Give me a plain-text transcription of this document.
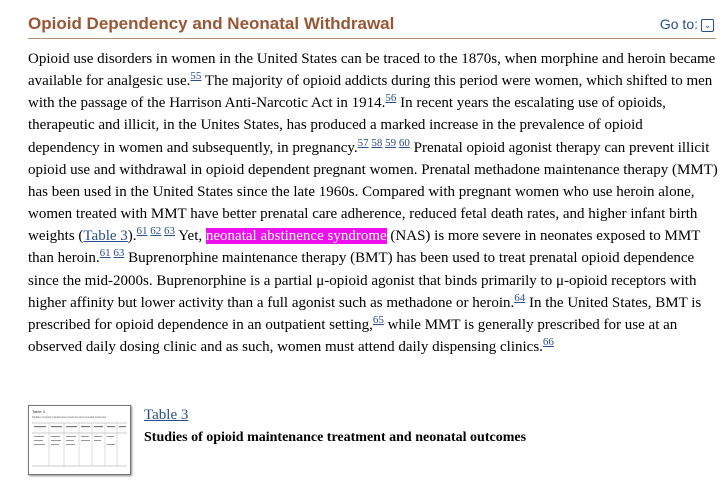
Opioid Dependency and Neonatal Withdrawal	Go to: ⌄

Opioid use disorders in women in the United States can be traced to the 1870s, when morphine and heroin became available for analgesic use.$^{55}$ The majority of opioid addicts during this period were women, which shifted to men with the passage of the Harrison Anti-Narcotic Act in 1914.56 In recent years the escalating use of opioids, therapeutic and illicit, in the Unites States, has produced a marked increase in the prevalence of opioid dependency in women and subsequently, in pregnancy.$^{57 58 59 60}$ Prenatal opioid agonist therapy can prevent illicit opioid use and withdrawal in opioid dependent pregnant women. Prenatal methadone maintenance therapy (MMT) has been used in the United States since the late 1960s. Compared with pregnant women who use heroin alone, women treated with MMT have better prenatal care adherence, reduced fetal death rates, and higher infant birth weights (Table 3).$^{61 62 63}$ Yet, neonatal abstinence syndrome (NAS) is more severe in neonates exposed to MMT than heroin.$^{61 63}$ Buprenorphine maintenance therapy (BMT) has been used to treat prenatal opioid dependence since the mid-2000s. Buprenorphine is a partial μ-opioid agonist that binds primarily to μ-opioid receptors with higher affinity but lower activity than a full agonist such as methadone or heroin.$^{64}$ In the United States, BMT is prescribed for opioid dependence in an outpatient setting,$^{65}$ while MMT is generally prescribed for use at an observed daily dosing clinic and as such, women must attend daily dispensing clinics.$^{66}$

Table 3
Studies of opioid maintenance treatment and neonatal outcomes	Table 3
Studies of opioid maintenance treatment and neonatal outcomes
